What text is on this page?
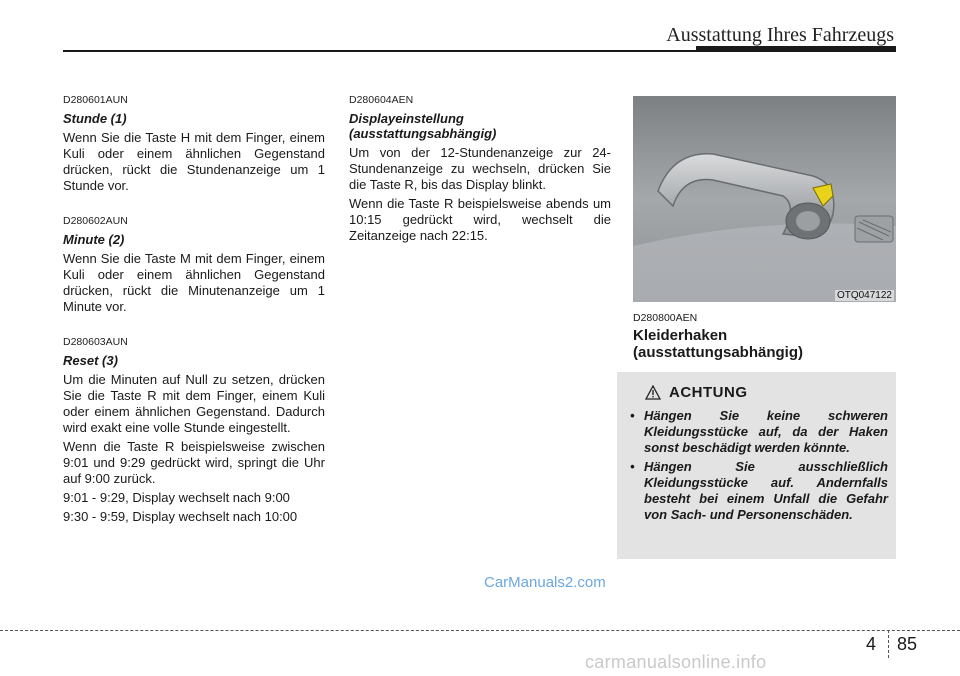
Ausstattung Ihres Fahrzeugs
D280601AUN
Stunde (1)

Wenn Sie die Taste H mit dem Finger, einem Kuli oder einem ähnlichen Gegenstand drücken, rückt die Stundenanzeige um 1 Stunde vor.

D280602AUN
Minute (2)

Wenn Sie die Taste M mit dem Finger, einem Kuli oder einem ähnlichen Gegenstand drücken, rückt die Minutenanzeige um 1 Minute vor.

D280603AUN
Reset (3)

Um die Minuten auf Null zu setzen, drücken Sie die Taste R mit dem Finger, einem Kuli oder einem ähnlichen Gegenstand. Dadurch wird exakt eine volle Stunde eingestellt.

Wenn die Taste R beispielsweise zwischen 9:01 und 9:29 gedrückt wird, springt die Uhr auf 9:00 zurück.

9:01 - 9:29, Display wechselt nach 9:00

9:30 - 9:59, Display wechselt nach 10:00

D280604AEN
Displayeinstellung
(ausstattungsabhängig)

Um von der 12-Stundenanzeige zur 24-Stundenanzeige zu wechseln, drücken Sie die Taste R, bis das Display blinkt.

Wenn die Taste R beispielsweise abends um 10:15 gedrückt wird, wechselt die Zeitanzeige nach 22:15.

OTQ047122
D280800AEN
Kleiderhaken
(ausstattungsabhängig)
ACHTUNG
• Hängen Sie keine schweren Kleidungsstücke auf, da der Haken sonst beschädigt werden könnte.
• Hängen Sie ausschließlich Kleidungsstücke auf. Andernfalls besteht bei einem Unfall die Gefahr von Sach- und Personenschäden.
CarManuals2.com
4 85
carmanualsonline.info
